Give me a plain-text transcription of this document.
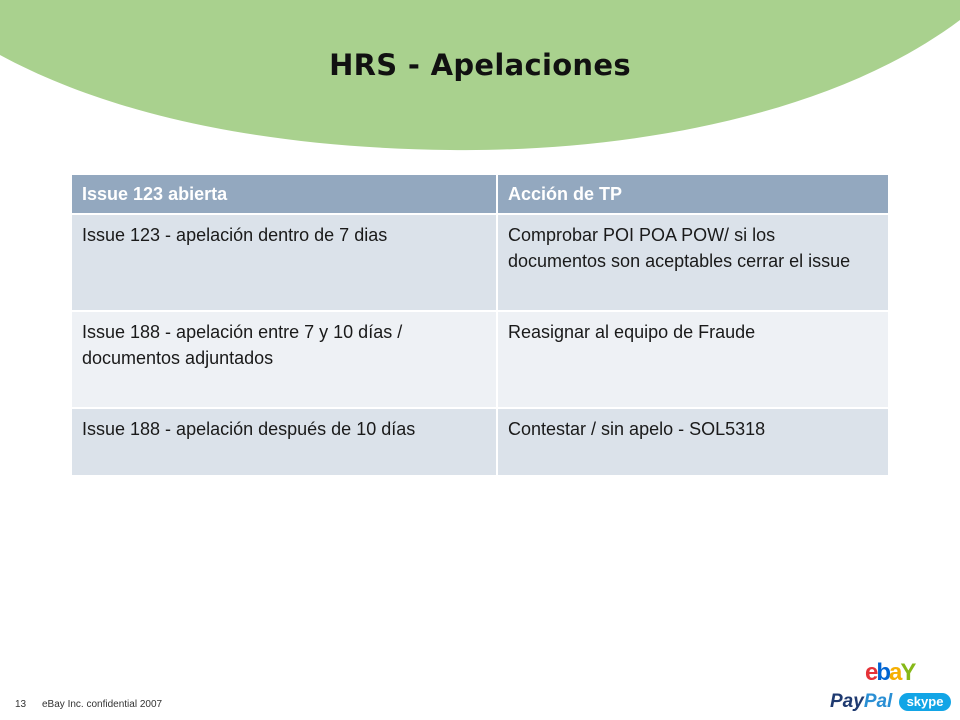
HRS - Apelaciones
Issue 123 abierta	Acción de TP
Issue 123 - apelación dentro de 7 dias	Comprobar POI POA POW/ si los documentos son aceptables cerrar el issue
Issue 188 - apelación entre 7 y 10 días / documentos adjuntados	Reasignar al equipo de Fraude
Issue 188 - apelación después de 10 días	Contestar / sin apelo - SOL5318
13 eBay Inc. confidential 2007
ebaY
PayPal skype
